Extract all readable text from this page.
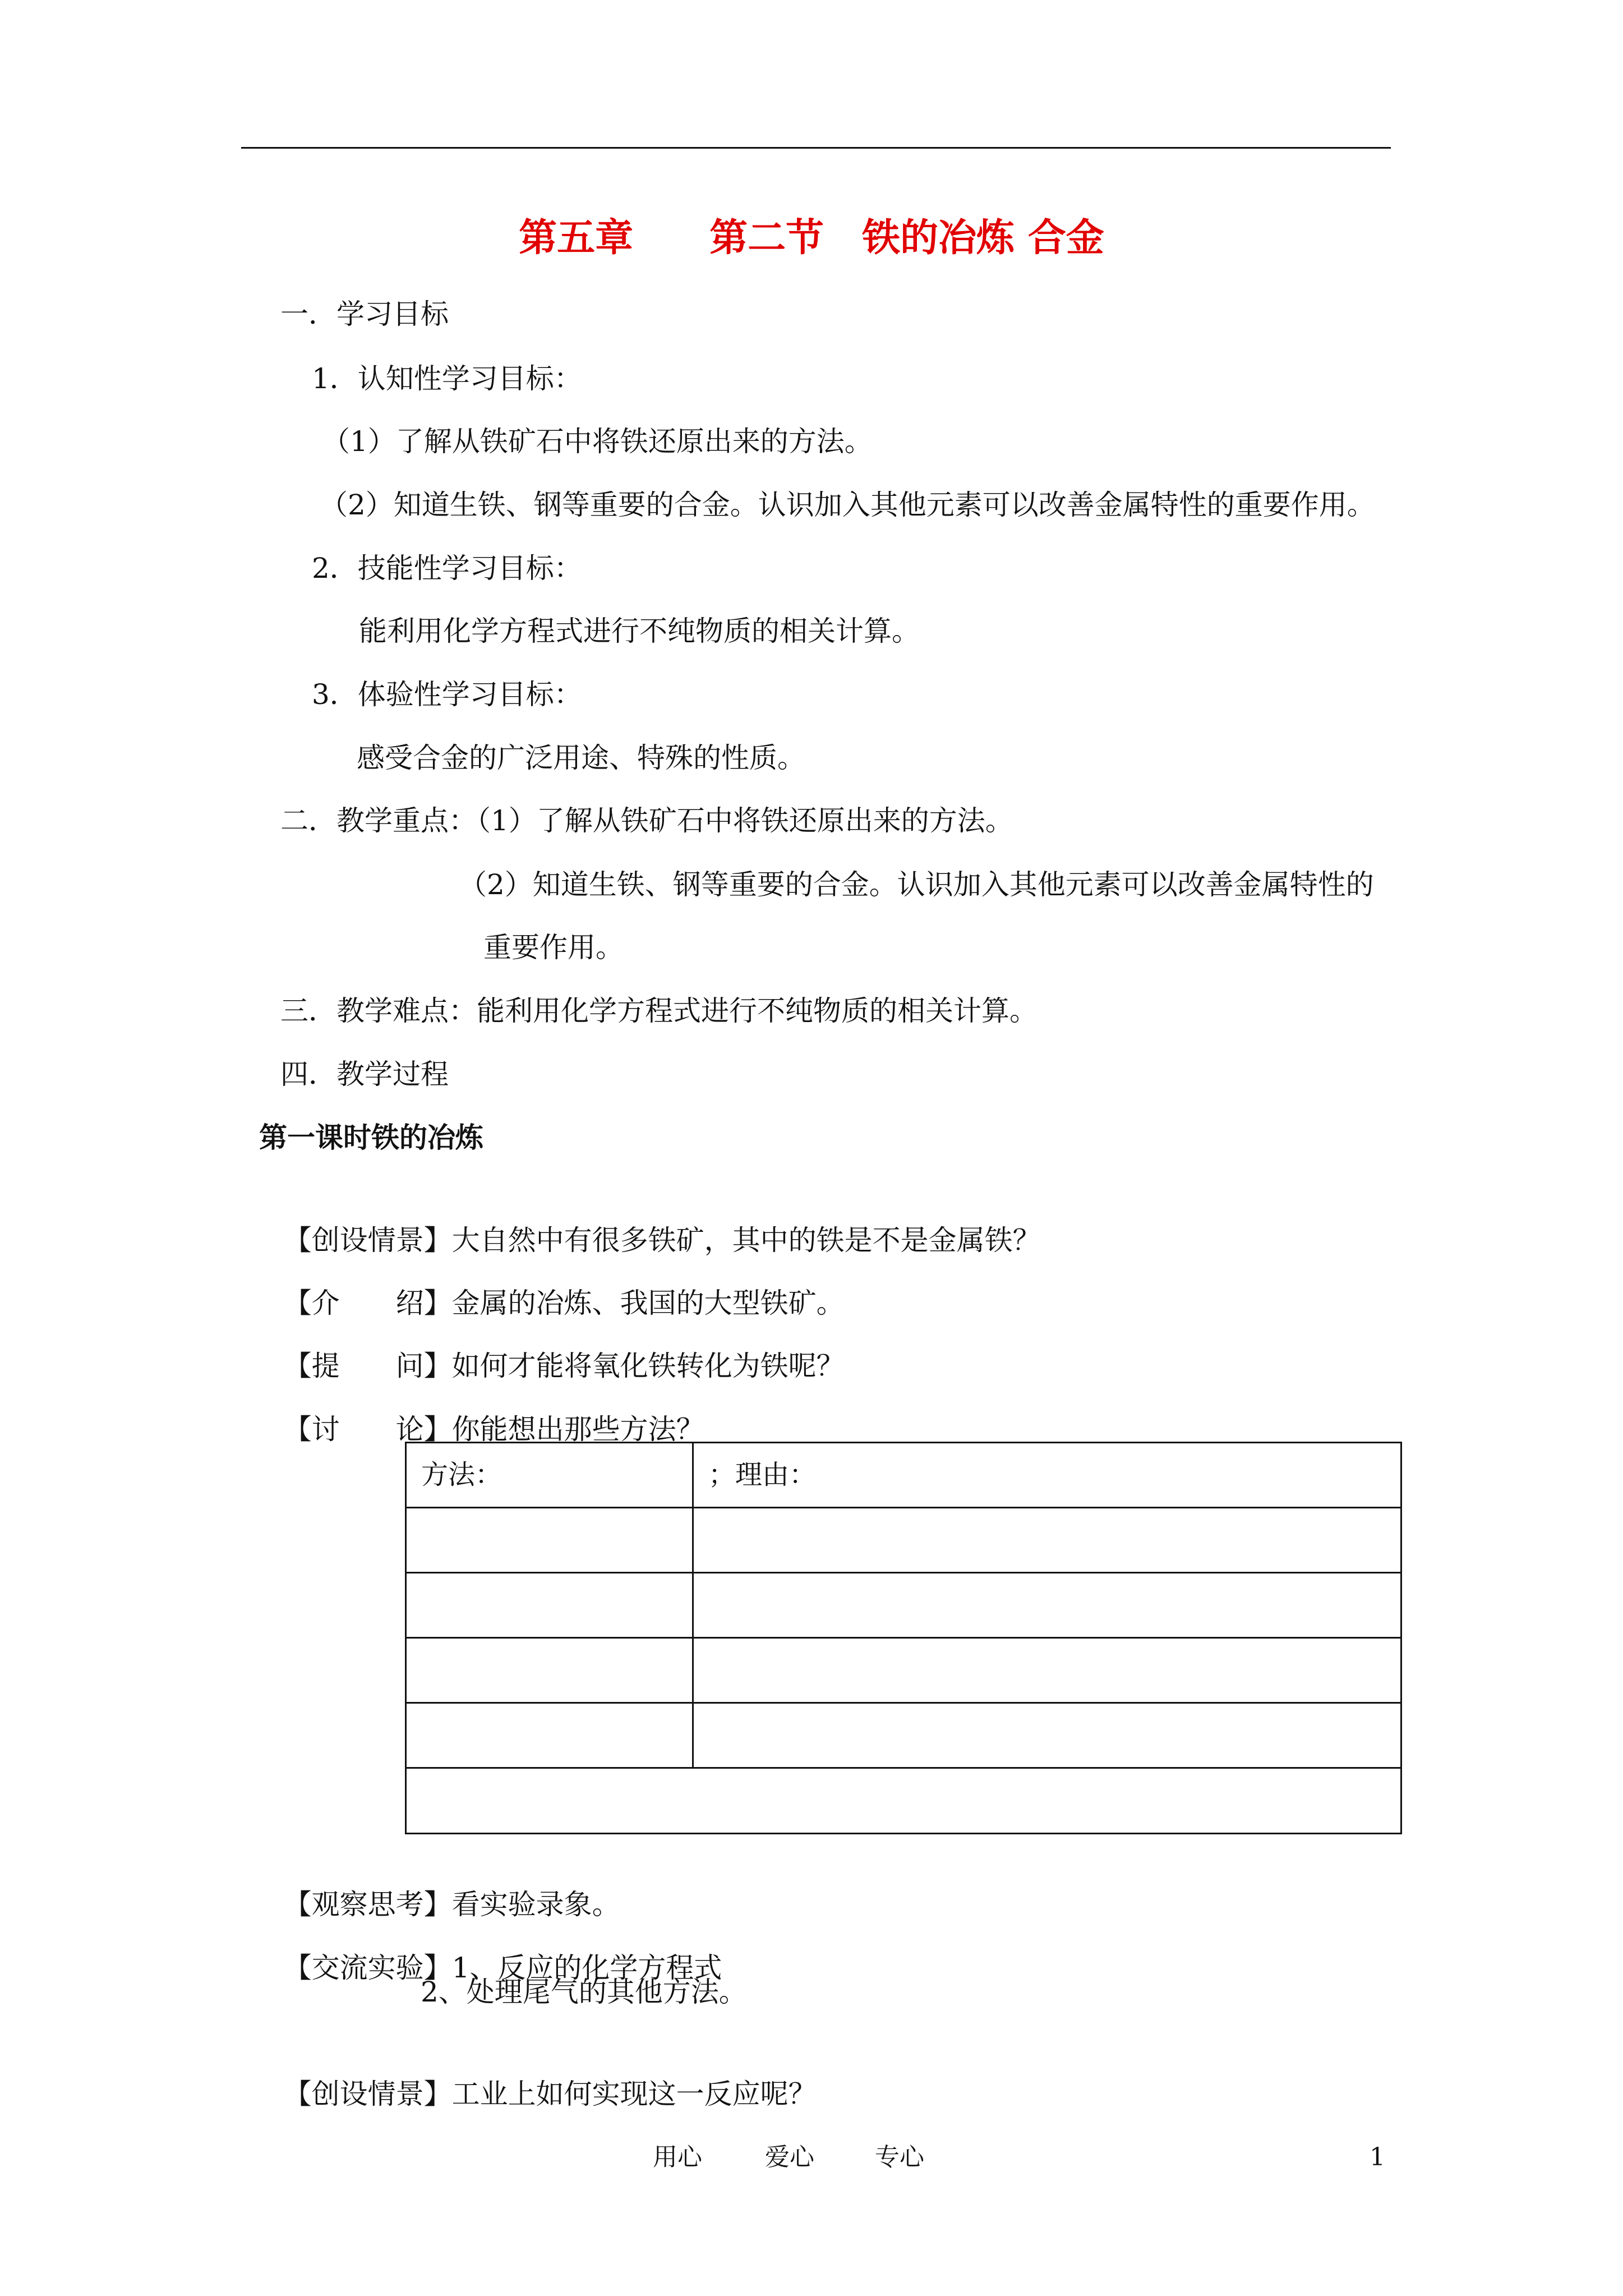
第五章　　第二节　铁的冶炼 合金
一．学习目标
1．认知性学习目标：
（1）了解从铁矿石中将铁还原出来的方法。
（2）知道生铁、钢等重要的合金。认识加入其他元素可以改善金属特性的重要作用。
2．技能性学习目标：
能利用化学方程式进行不纯物质的相关计算。
3．体验性学习目标：
感受合金的广泛用途、特殊的性质。
二．教学重点：（1）了解从铁矿石中将铁还原出来的方法。
（2）知道生铁、钢等重要的合金。认识加入其他元素可以改善金属特性的
重要作用。
三．教学难点：能利用化学方程式进行不纯物质的相关计算。
四．教学过程
第一课时铁的冶炼

【创设情景】大自然中有很多铁矿，其中的铁是不是金属铁？

【介　　绍】金属的冶炼、我国的大型铁矿。

【提　　问】如何才能将氧化铁转化为铁呢？

【讨　　论】你能想出那些方法？

方法：	；理由：

【观察思考】看实验录象。

【交流实验】1、反应的化学方程式

2、处理尾气的其他方法。

【创设情景】工业上如何实现这一反应呢？

用心	爱心 专心	1
